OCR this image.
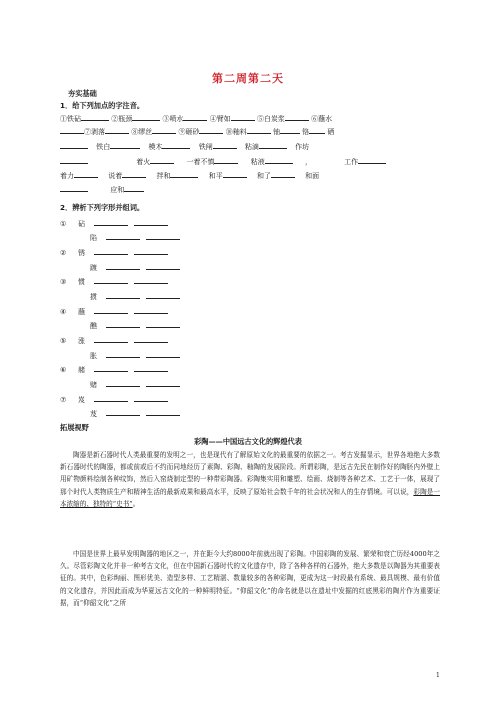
第二周第二天
夯实基础
1．给下列加点的字注音。
①铁砧	②瓶颈	③喷水	④臂如	⑤白炭浆	⑥蘸水
⑦剥落	⑧缪丝	⑨砸砂	⑩釉料	铀	铬	硒
铁白	模木	铁闸	粘滴	作坊
着火	一着不慎	粘液	，	工作
着力	说着	拌和	和平	和了	和面
应和
2．辨析下列字形并组词。
① 砧
陷
② 锈
踱
③ 惯
掼
④ 蘸
醮
⑤ 涨
胀
⑥ 赭
赌
⑦ 岌
芨
拓展视野
彩陶——中国远古文化的辉煌代表

陶器是新石器时代人类最重要的发明之一，也是现代有了解原始文化的最重要的依据之一。考古发掘显示，世界各地绝大多数新石器时代的陶器，都或前或后不约而同地经历了素陶、彩陶、釉陶的发展阶段。所谓彩陶，是远古先民在制作好的陶胚内外壁上用矿物颜料绘制各种纹饰，然后入窑烧制定型的一种带彩陶器。彩陶集实用和雕塑、绘画、烧制等各种艺术、工艺于一体，展现了那个时代人类物质生产和精神生活的最新成果和最高水平，反映了原始社会数千年的社会状况和人的生存情境。可以说，彩陶是一本浓缩的、独特的“史书”。

中国是世界上最早发明陶器的地区之一，并在距今大约8000年前就出现了彩陶。中国彩陶的发展、繁荣和衰亡历经4000年之久。尽管彩陶文化并非一种考古文化，但在中国新石器时代的文化遗存中，除了各种各样的石器外，绝大多数是以陶器为其重要表征的。其中，色彩绚丽、图形优美、造型多样、工艺精湛、数量较多的各种彩陶，更成为这一时段最有系统、最具规模、最有价值的文化遗存，并因此而成为华夏远古文化的一种鲜明特征。“仰韶文化”的命名就是以在遗址中发掘的红底黑彩的陶片作为重要证据，而“仰韶文化”之所

1
